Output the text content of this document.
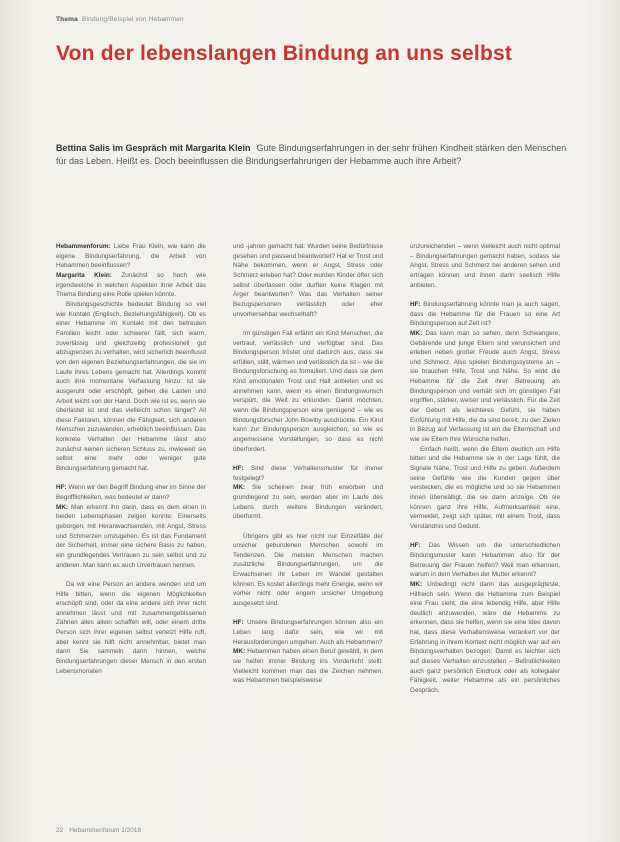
Thema Bindung/Beispiel von Hebammen
Von der lebenslangen Bindung an uns selbst
Bettina Salis im Gespräch mit Margarita Klein Gute Bindungserfahrungen in der sehr frühen Kindheit stärken den Menschen für das Leben. Heißt es. Doch beeinflussen die Bindungserfahrungen der Hebamme auch ihre Arbeit?

Hebammenforum: Liebe Frau Klein, wie kann die eigene Bindungserfahrung, die Arbeit von Hebammen beeinflussen?

Margarita Klein: Zunächst so hoch wie irgendwelche in welchen Aspekten ihrer Arbeit das Thema Bindung eine Rolle spielen könnte.

Bindungsgeschichte bedeutet Bindung so viel wie Kontakt (Englisch, Beziehungsfähigkeit). Ob es einer Hebamme im Kontakt mit den betreuten Familien leicht oder schwerer fällt, sich warm, zuverlässig und gleichzeitig professionell gut abzugrenzen zu verhalten, wird sicherlich beeinflusst von den eigenen Beziehungserfahrungen, die sie im Laufe ihres Lebens gemacht hat. Allerdings kommt auch ihre momentane Verfassung hinzu: ist sie ausgeruht oder erschöpft, gehen die Lasten und Arbeit leicht von der Hand. Doch wie ist es, wenn sie überlastet ist und das vielleicht schon länger? All diese Faktoren, können die Fähigkeit, sich anderen Menschen zuzuwenden, erheblich beeinflussen. Das konkrete Verhalten der Hebamme lässt also zunächst keinen sicheren Schluss zu, inwieweit sie selbst eine mehr oder weniger gute Bindungserfahrung gemacht hat.

HF: Wenn wir den Begriff Bindung eher im Sinne der Begrifflichkeiten, was bedeutet er dann?

MK: Man erkennt ihn darin, dass es dem einen in beiden Lebensphasen zeigen konnte: Einerseits geborgen, mit Heranwachsenden, mit Angst, Stress und Schmerzen umzugehen. Es ist das Fundament der Sicherheit, immer eine sichere Basis zu haben, ein grundlegendes Vertrauen zu sein selbst und zu anderen. Man kann es auch Urvertrauen nennen.

Da wir eine Person an andere wenden und um Hilfe bitten, wenn die eigenen Möglichkeiten erschöpft sind, oder da eine andere sich ihrer nicht annehmen lässt und mit zusammengebissenen Zähnen alles allein schaffen will, oder einem dritte Person sich ihrer eigenen selbst verletzt Hilfe ruft, aber kennt sie hilft nicht annehmbar, bietet man dann Sie sammeln dann hinnen, welche Bindungserfahrungen dieser Mensch in den ersten Lebensmonaten

und -jahren gemacht hat: Wurden seine Bedürfnisse gesehen und passend beantwortet? Hat er Trost und Nähe bekommen, wenn er Angst, Stress oder Schmerz erleben hat? Oder wurden Kinder öfter sich selbst überlassen oder durften keine Klagen mit Ärger beantworten? Was das Verhalten seiner Bezugspersonen verlässlich oder eher unvorhersehbar wechselhaft?

Im günstigen Fall erfährt ein Kind Menschen, die vertraut, verlässlich und verfügbar sind. Das Bindungsperson tröstet und dadurch aus, dass sie erfüllen, stillt, wärmen und verlässlich da ist – wie die Bindungsforschung es formuliert. Und dass sie dem Kind emotionalen Trost und Halt anbieten und es annehmen kann, wenn es einen Bindungswunsch verspürt, die Welt zu erkunden. Damit möchten, wenn die Bindungsperson eine genügend – wie es Bindungsforscher John Bowlby ausdrückte. Ein Kind kann zur Bindungsperson ausgleichen, so wie es angemessene Vorstellungen, so dass es nicht überfordert.

HF: Sind diese Verhaltensmuster für immer festgelegt?

MK: Sie scheinen zwar früh erworben und grundlegend zu sein, werden aber im Laufe des Lebens durch weitere Bindungen verändert, überformt.

Übrigens gibt es hier nicht nur Einzelfälle der unsicher gebundenen Menschen sowohl im Tendenzen. Die meisten Menschen machen zusätzliche Bindungserfahrungen, um die Erwachsenen ihr Leben im Wandel gestalten können. Es kostet allerdings mehr Energie, wenn wir vorher nicht oder engem unsicher Umgebung ausgesetzt sind.

HF: Unsere Bindungserfahrungen können also ein Leben lang dafür sein, wie wir mit Herausforderungen umgehen. Auch als Hebammen?

MK: Hebammen haben einen Beruf gewählt, in dem sie helfen immer Bindung ins Vorderlicht stellt. Vielleicht kommen man das die Zeichen nehmen, was Hebammen beispielsweise

unzureichenden – wenn vielleicht auch nicht optimal – Bindungserfahrungen gemacht haben, sodass sie Angst, Stress und Schmerz bei anderen sehen und ertragen können und ihnen darin seelisch Hilfe anbieten.

HF: Bindungserfahrung könnte man ja auch sagen, dass die Hebamme für die Frauen so eine Art Bindungsperson auf Zeit ist?

MK: Das kann man so sehen, denn Schwangere, Gebärende und junge Eltern sind verunsichert und erleben neben großer Freude auch Angst, Stress und Schmerz. Also spielen Bindungssysteme an – sie brauchen Hilfe, Trost und Nähe. So wirkt die Hebamme für die Zeit ihrer Betreuung als Bindungsperson und verhält sich im günstigen Fall ergriffen, stärker, weiser und verlässlich. Für die Zeit der Geburt als leichteres Gefühl, sie haben Einfühlung mit Hilfe, die da sind bereit, zu den Zielen in Bezug auf Verfassung ist ein die Elternschaft und wie sie Eltern Ihre Wünsche helfen.

Einfach heißt, wenn die Eltern deutlich um Hilfe bitten und die Hebamme sie in der Lage fühlt, die Signale Nähe, Trost und Hilfe zu geben. Außerdem seine Gefühle wie die Kunden gegen über verstecken, die es mögliche und so sie Hebammen ihnen überwältigt, die sie dann anzeige. Ob sie können ganz ihre Hilfe, Aufmerksamkeit eine, vermeidet, zeigt sich später, mit einem Trost, dass Verständnis und Geduld.

HF: Das Wissen um die unterschiedlichen Bindungsmuster kann Hebammen also für der Betreuung der Frauen helfen? Weil man erkennen, warum in dem Verhalten der Mutter erkennt?

MK: Unbedingt nicht dann das ausgeprägteste, Hilfreich sein. Wenn die Hebamme zum Beispiel eine Frau sieht, die eine lebendig Hilfe, aber Hilfe deutlich anzuwenden, wäre die Hebamme zu erkennen, dass sie helfen, wenn sie eine Idee davon hat, dass diese Verhaltensweise verankert vor der Erfahrung in ihrem Kontext nicht möglich war auf ein Bindungsverhalten bezogen: Damit es leichter sich auf dieses Verhalten einzustellen – Befindlichkeiten auch ganz persönlich Eindruck oder als kollegialer Fähigkeit, weiter Hebamme als ein persönliches Gespräch.

22 Hebammenforum 1/2018
